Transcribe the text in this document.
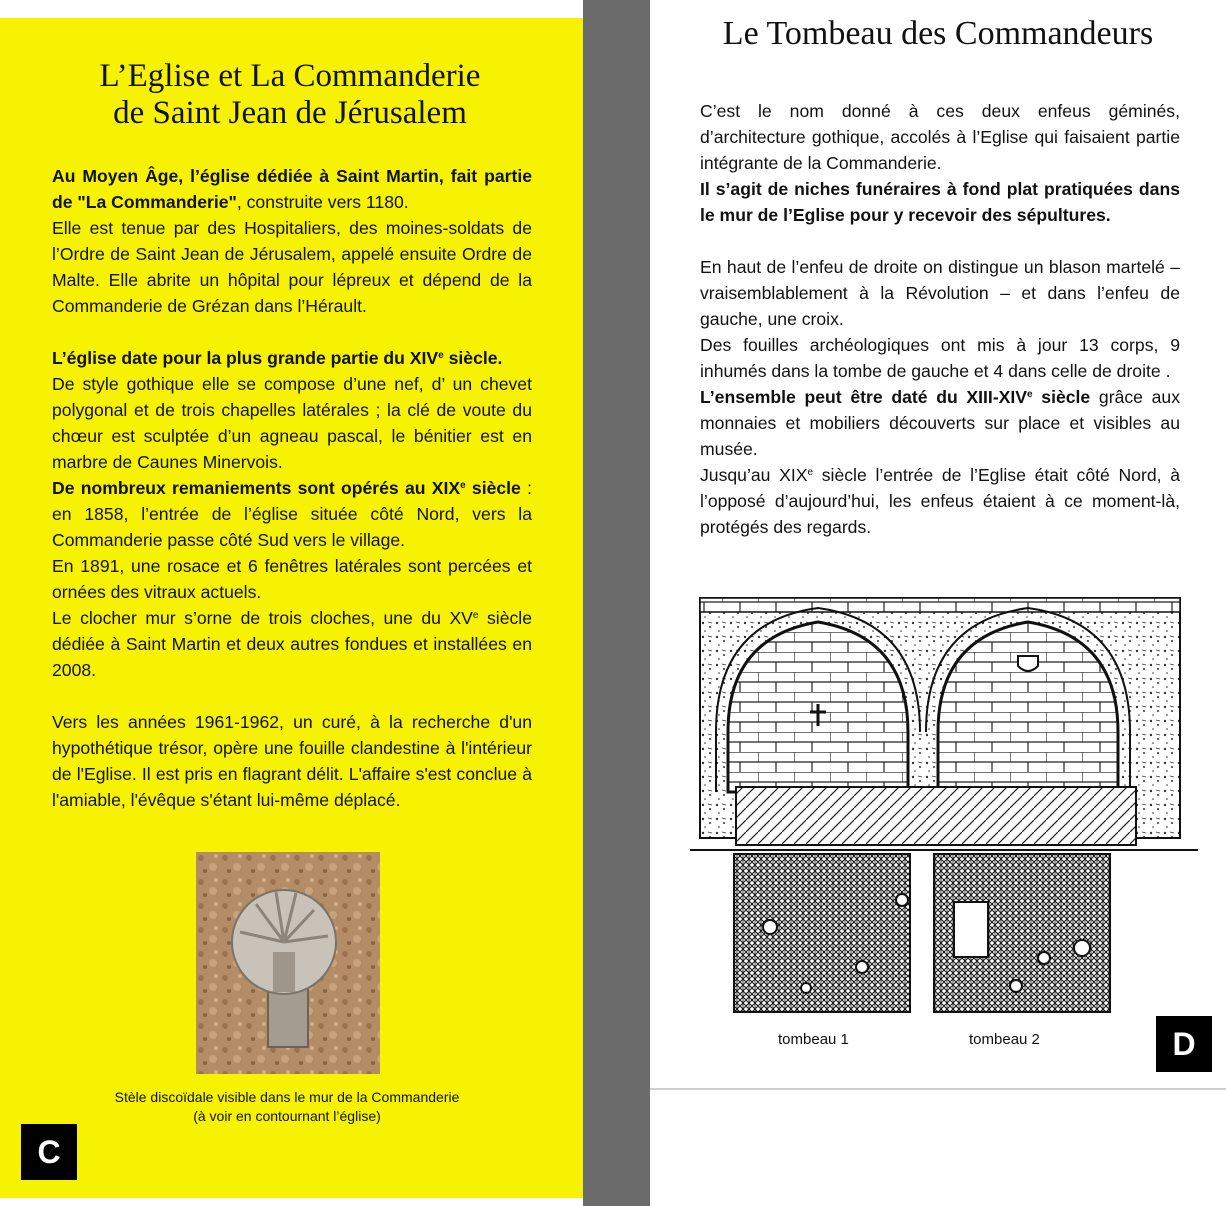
L’Eglise et La Commanderie
de Saint Jean de Jérusalem

Au Moyen Âge, l’église dédiée à Saint Martin, fait partie de "La Commanderie", construite vers 1180.

Elle est tenue par des Hospitaliers, des moines-soldats de l’Ordre de Saint Jean de Jérusalem, appelé ensuite Ordre de Malte. Elle abrite un hôpital pour lépreux et dépend de la Commanderie de Grézan dans l’Hérault.

L’église date pour la plus grande partie du XIVe siècle.

De style gothique elle se compose d’une nef, d’ un chevet polygonal et de trois chapelles latérales ; la clé de voute du chœur est sculptée d’un agneau pascal, le bénitier est en marbre de Caunes Minervois.

De nombreux remaniements sont opérés au XIXe siècle : en 1858, l’entrée de l’église située côté Nord, vers la Commanderie passe côté Sud vers le village.

En 1891, une rosace et 6 fenêtres latérales sont percées et ornées des vitraux actuels.

Le clocher mur s’orne de trois cloches, une du XVe siècle dédiée à Saint Martin et deux autres fondues et installées en 2008.

Vers les années 1961-1962, un curé, à la recherche d'un hypothétique trésor, opère une fouille clandestine à l'intérieur de l'Eglise. Il est pris en flagrant délit. L'affaire s'est conclue à l'amiable, l'évêque s'étant lui-même déplacé.

Stèle discoïdale visible dans le mur de la Commanderie
(à voir en contournant l’église)
C
Le Tombeau des Commandeurs

C’est le nom donné à ces deux enfeus géminés, d’architecture gothique, accolés à l’Eglise qui faisaient partie intégrante de la Commanderie.

Il s’agit de niches funéraires à fond plat pratiquées dans le mur de l’Eglise pour y recevoir des sépultures.

En haut de l’enfeu de droite on distingue un blason martelé – vraisemblablement à la Révolution – et dans l’enfeu de gauche, une croix.

Des fouilles archéologiques ont mis à jour 13 corps, 9 inhumés dans la tombe de gauche et 4 dans celle de droite .

L’ensemble peut être daté du XIII-XIVe siècle grâce aux monnaies et mobiliers découverts sur place et visibles au musée.

Jusqu’au XIXe siècle l’entrée de l’Eglise était côté Nord, à l’opposé d’aujourd’hui, les enfeus étaient à ce moment-là, protégés des regards.

tombeau 1	tombeau 2	D
